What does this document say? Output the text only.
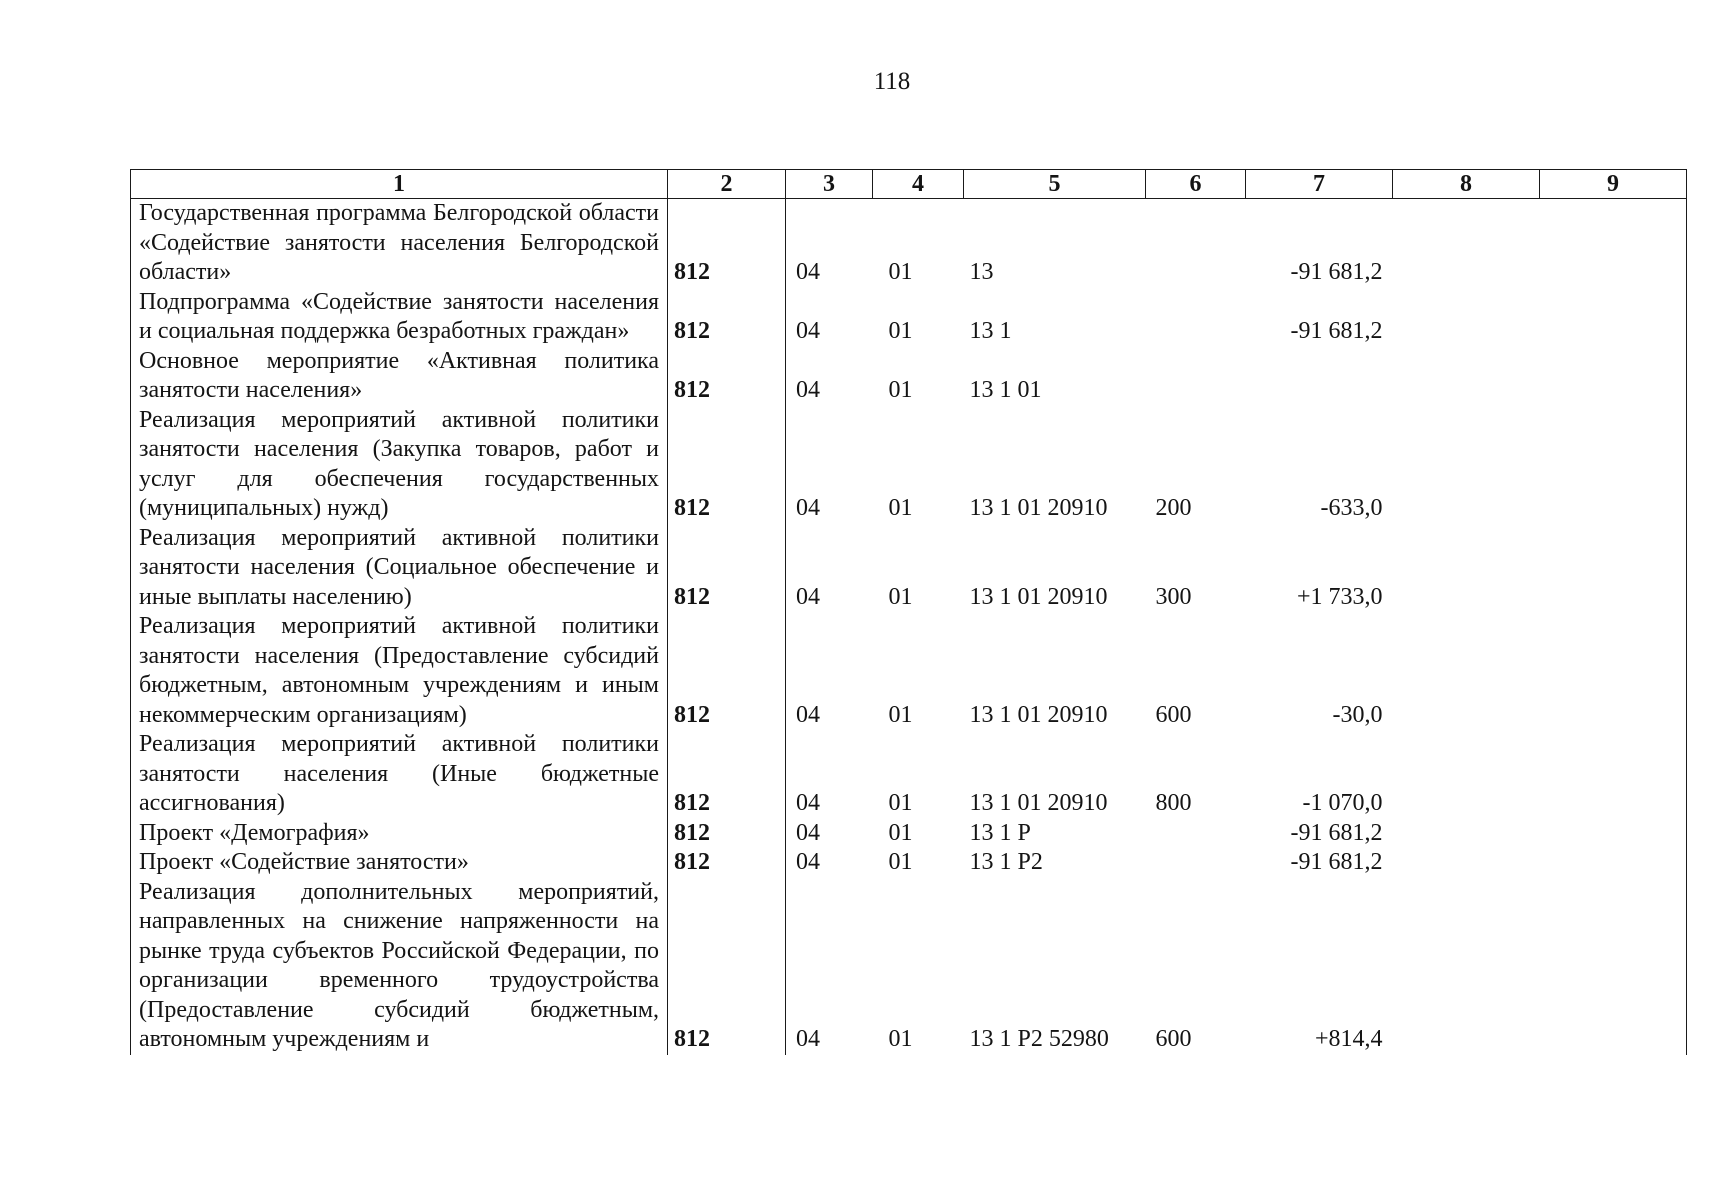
118
1	2	3	4	5	6	7	8	9
Государственная программа Белгородской области «Содействие занятости населения Белгородской области»	812	04	01	13		-91 681,2		
Подпрограмма «Содействие занятости населения и социальная поддержка безработных граждан»	812	04	01	13 1		-91 681,2		
Основное мероприятие «Активная политика занятости населения»	812	04	01	13 1 01				
Реализация мероприятий активной политики занятости населения (Закупка товаров, работ и услуг для обеспечения государственных (муниципальных) нужд)	812	04	01	13 1 01 20910	200	-633,0		
Реализация мероприятий активной политики занятости населения (Социальное обеспечение и иные выплаты населению)	812	04	01	13 1 01 20910	300	+1 733,0		
Реализация мероприятий активной политики занятости населения (Предоставление субсидий бюджетным, автономным учреждениям и иным некоммерческим организациям)	812	04	01	13 1 01 20910	600	-30,0		
Реализация мероприятий активной политики занятости населения (Иные бюджетные ассигнования)	812	04	01	13 1 01 20910	800	-1 070,0		
Проект «Демография»	812	04	01	13 1 P		-91 681,2		
Проект «Содействие занятости»	812	04	01	13 1 P2		-91 681,2		
Реализация дополнительных мероприятий, направленных на снижение напряженности на рынке труда субъектов Российской Федерации, по организации временного трудоустройства (Предоставление субсидий бюджетным, автономным учреждениям и	812	04	01	13 1 P2 52980	600	+814,4		
